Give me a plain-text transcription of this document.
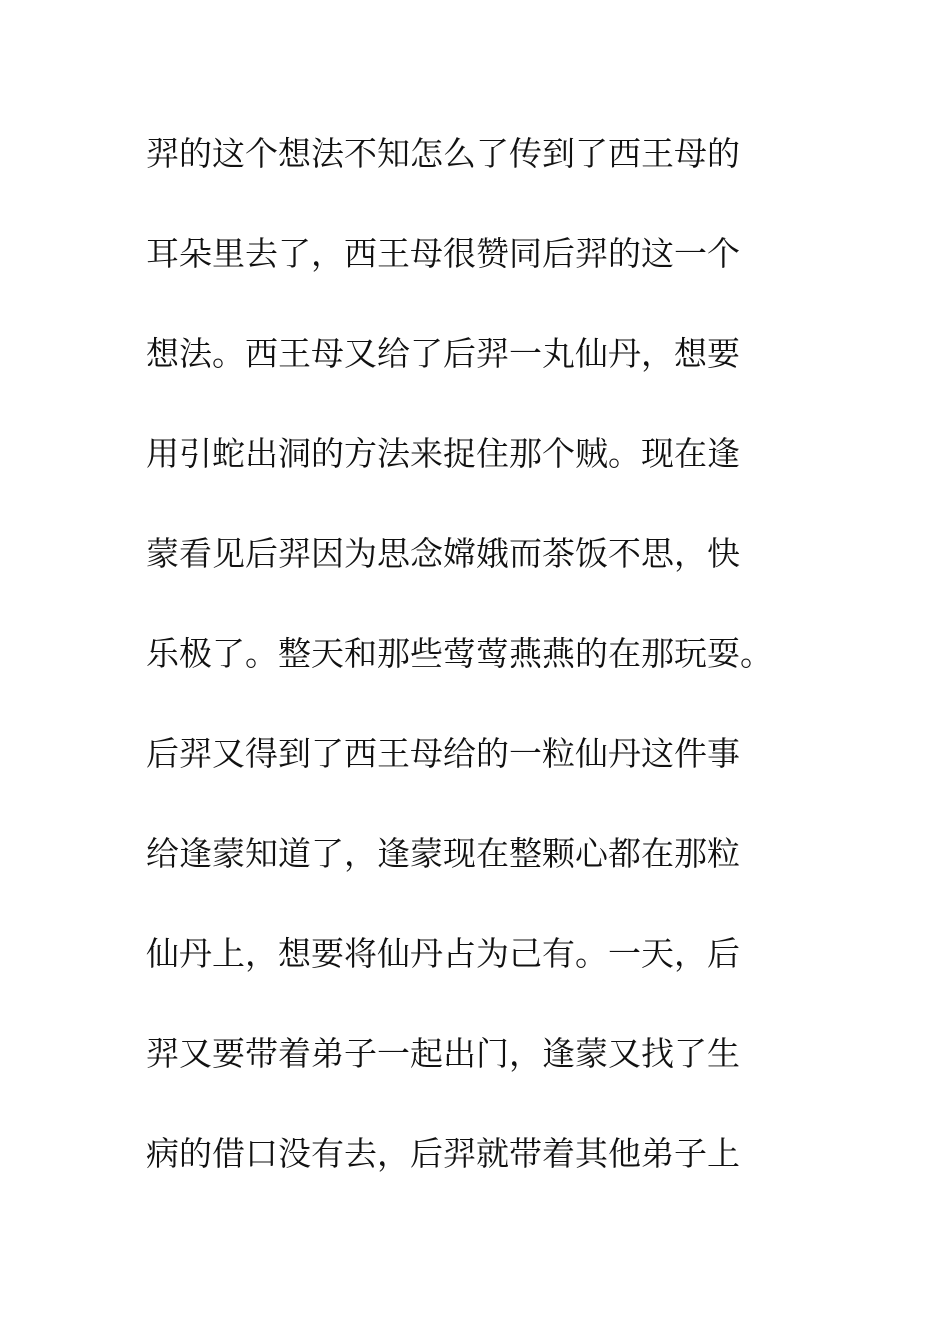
羿的这个想法不知怎么了传到了西王母的
耳朵里去了，西王母很赞同后羿的这一个
想法。西王母又给了后羿一丸仙丹，想要
用引蛇出洞的方法来捉住那个贼。现在逢
蒙看见后羿因为思念嫦娥而茶饭不思，快
乐极了。整天和那些莺莺燕燕的在那玩耍。
后羿又得到了西王母给的一粒仙丹这件事
给逢蒙知道了，逢蒙现在整颗心都在那粒
仙丹上，想要将仙丹占为己有。一天，后
羿又要带着弟子一起出门，逢蒙又找了生
病的借口没有去，后羿就带着其他弟子上
